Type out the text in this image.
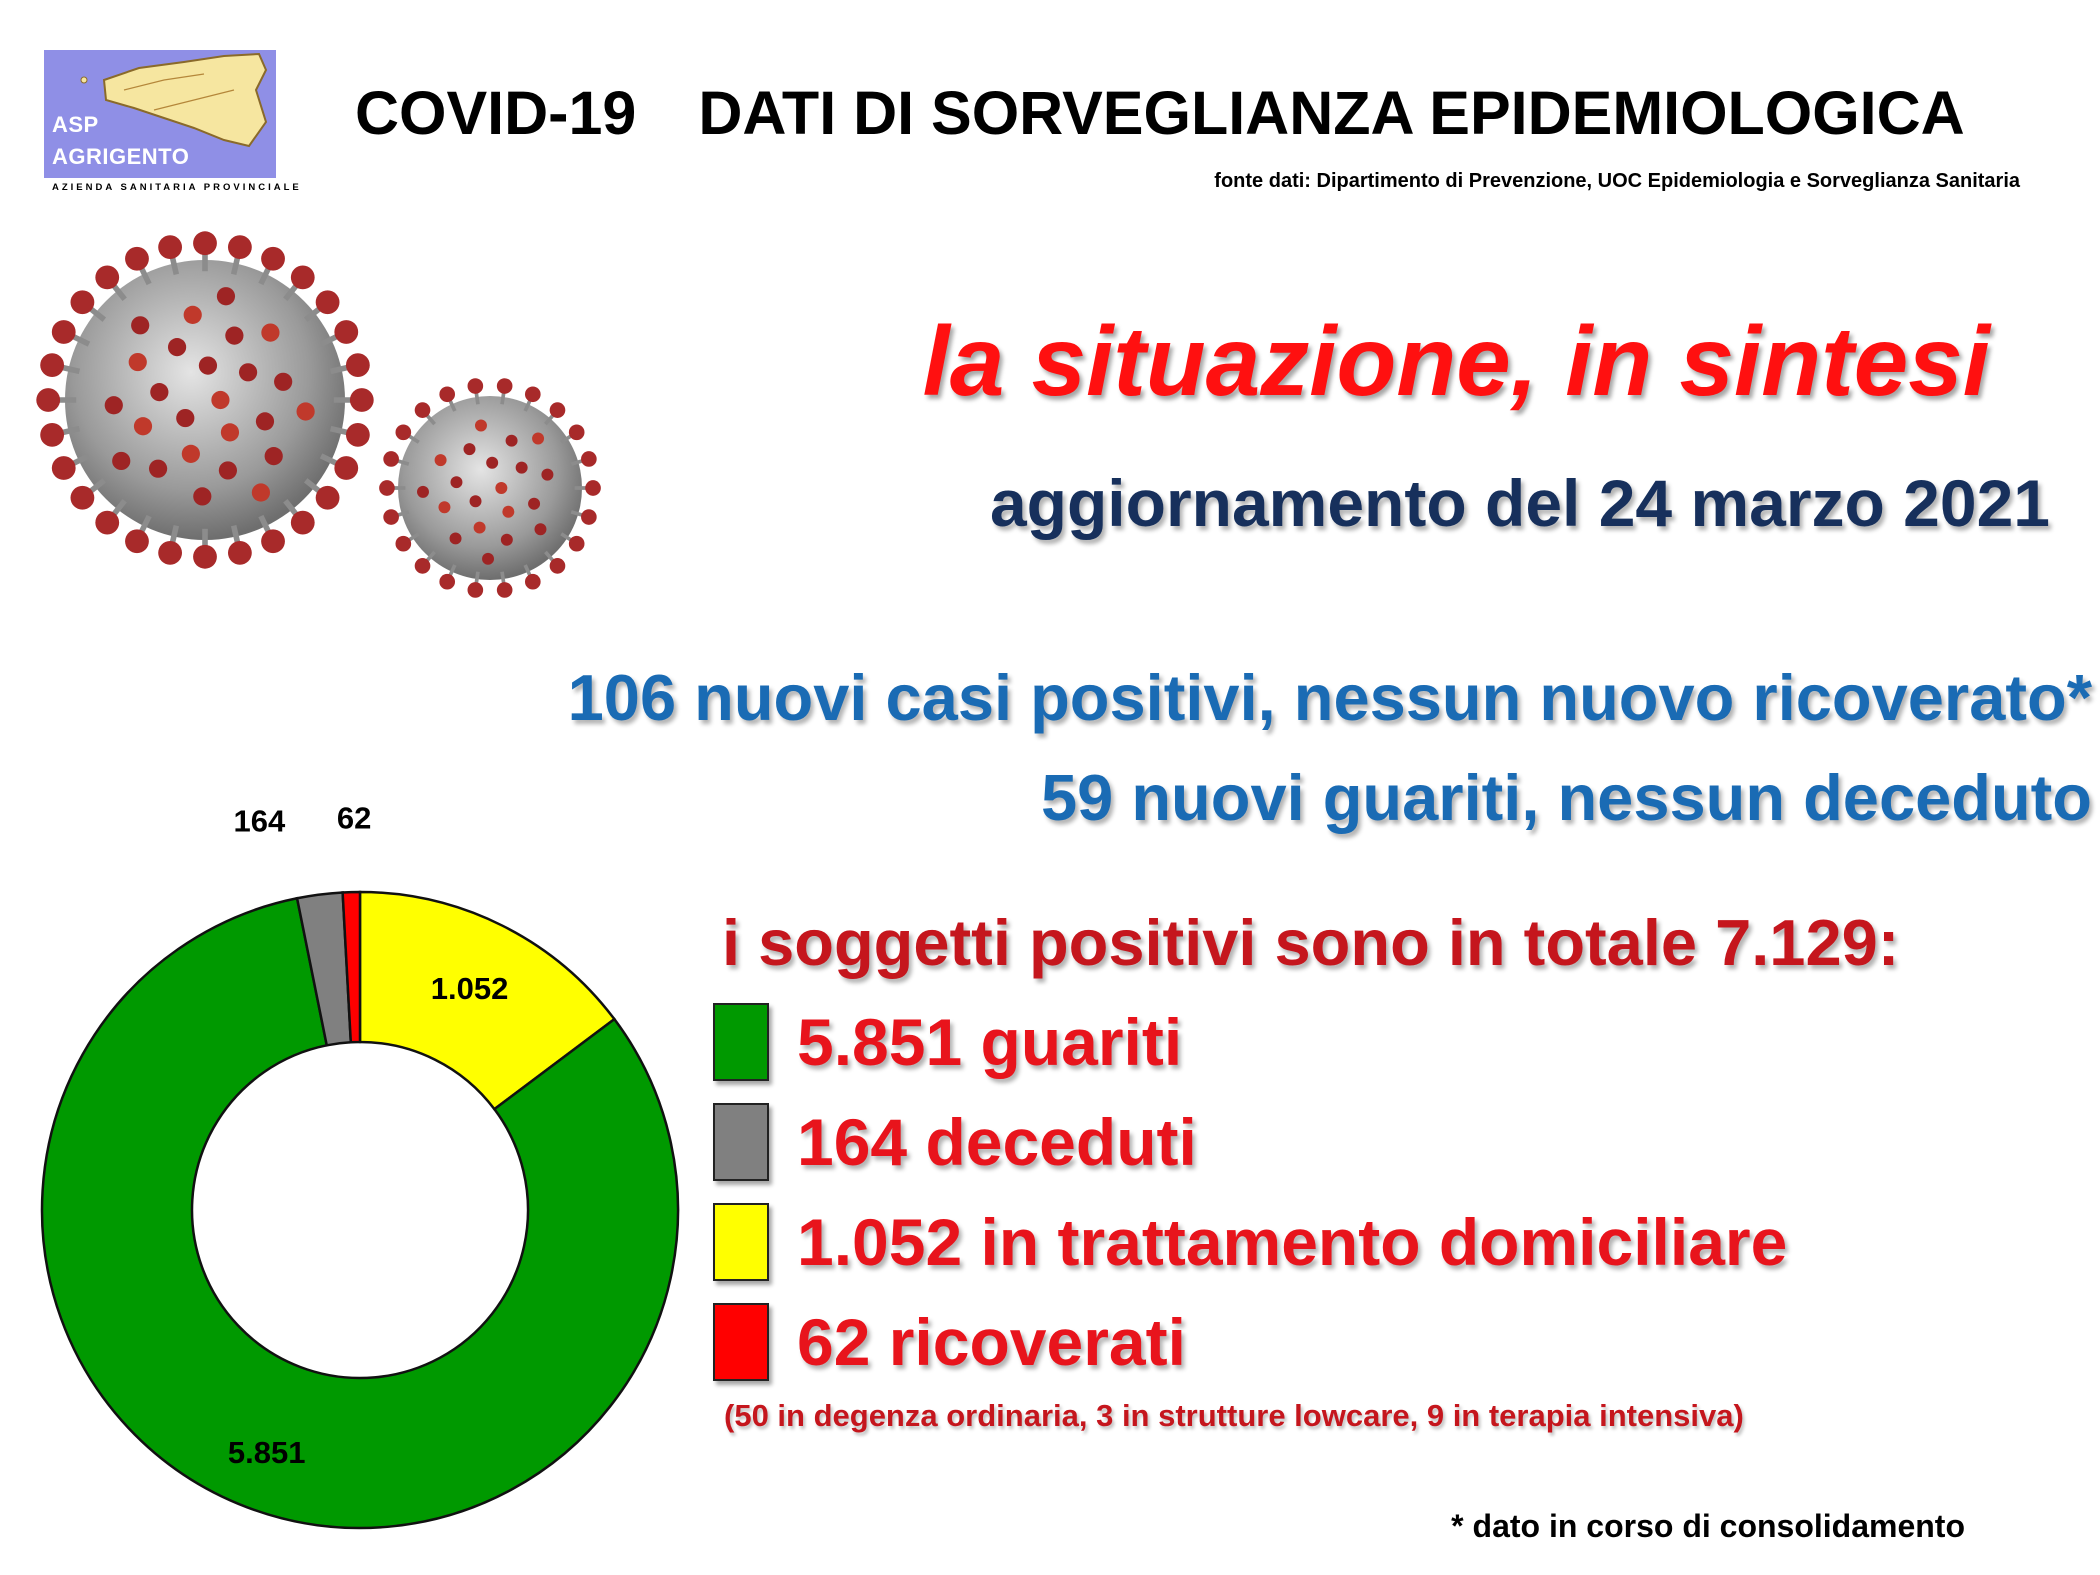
ASP
AGRIGENTO
AZIENDA SANITARIA PROVINCIALE
COVID-19 DATI DI SORVEGLIANZA EPIDEMIOLOGICA
fonte dati: Dipartimento di Prevenzione, UOC Epidemiologia e Sorveglianza Sanitaria
la situazione, in sintesi
aggiornamento del 24 marzo 2021
106 nuovi casi positivi, nessun nuovo ricoverato*
59 nuovi guariti, nessun deceduto
i soggetti positivi sono in totale 7.129:
5.851 guariti
164 deceduti
1.052 in trattamento domiciliare
62 ricoverati
(50 in degenza ordinaria, 3 in strutture lowcare, 9 in terapia intensiva)
* dato in corso di consolidamento
1.052
5.851
164 62
